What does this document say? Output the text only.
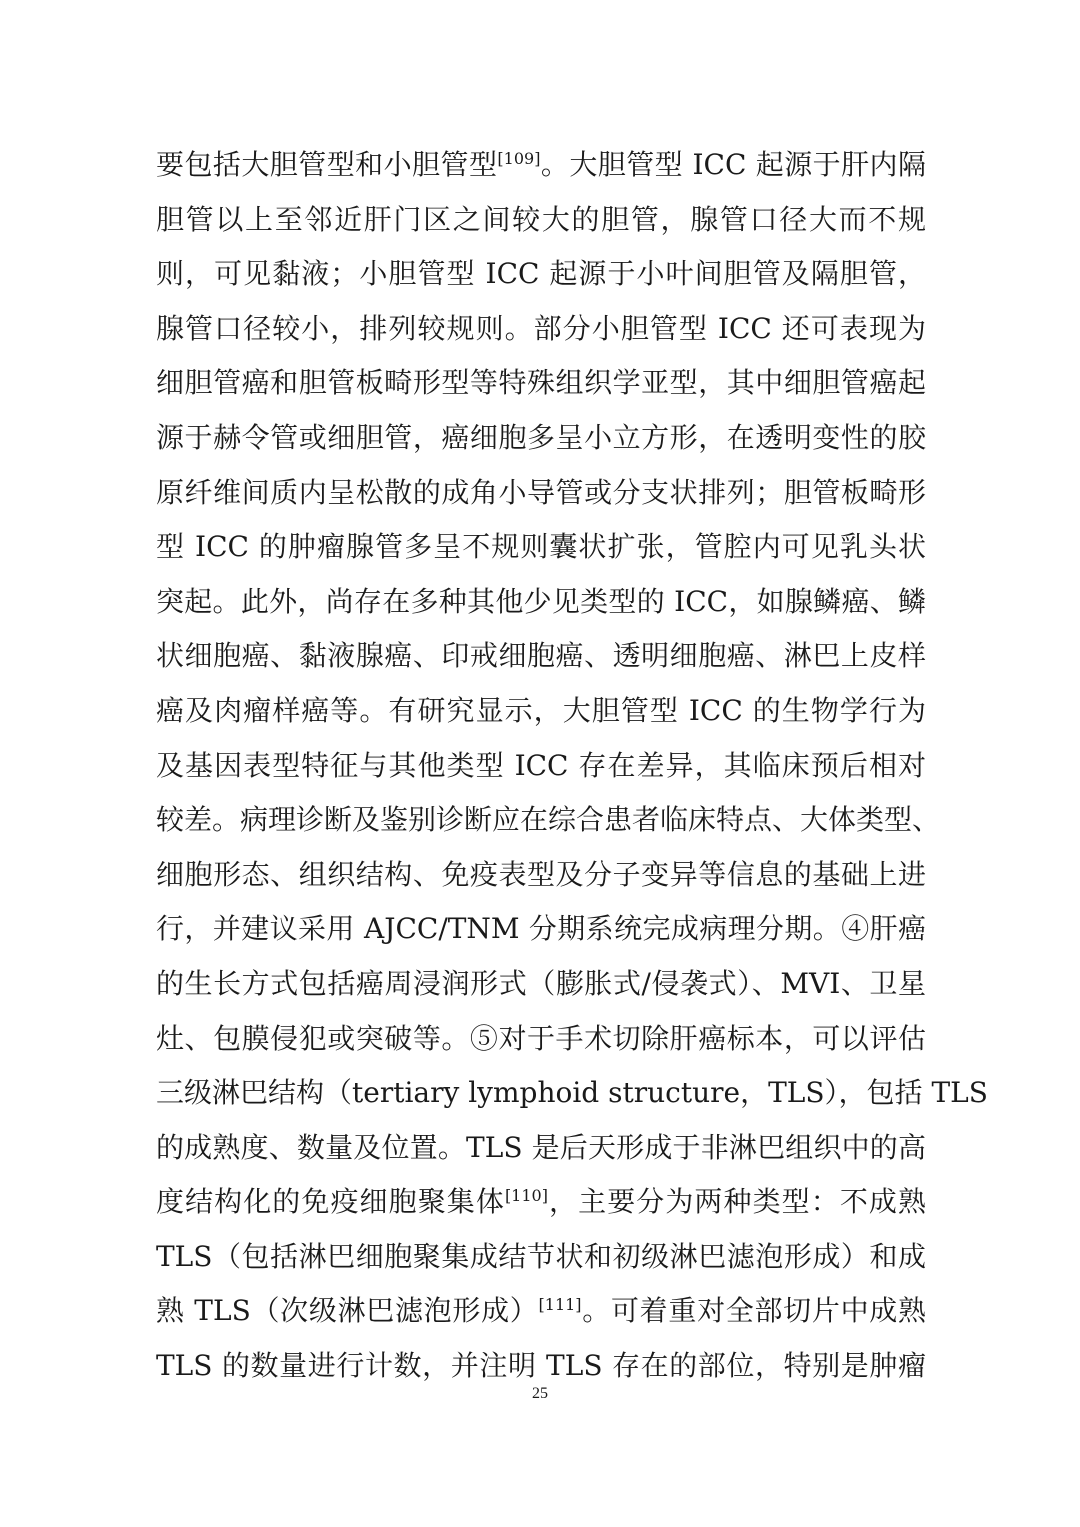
要包括大胆管型和小胆管型[109]。大胆管型 ICC 起源于肝内隔
胆管以上至邻近肝门区之间较大的胆管，腺管口径大而不规
则，可见黏液；小胆管型 ICC 起源于小叶间胆管及隔胆管，
腺管口径较小，排列较规则。部分小胆管型 ICC 还可表现为
细胆管癌和胆管板畸形型等特殊组织学亚型，其中细胆管癌起
源于赫令管或细胆管，癌细胞多呈小立方形，在透明变性的胶
原纤维间质内呈松散的成角小导管或分支状排列；胆管板畸形
型 ICC 的肿瘤腺管多呈不规则囊状扩张，管腔内可见乳头状
突起。此外，尚存在多种其他少见类型的 ICC，如腺鳞癌、鳞
状细胞癌、黏液腺癌、印戒细胞癌、透明细胞癌、淋巴上皮样
癌及肉瘤样癌等。有研究显示，大胆管型 ICC 的生物学行为
及基因表型特征与其他类型 ICC 存在差异，其临床预后相对
较差。病理诊断及鉴别诊断应在综合患者临床特点、大体类型、
细胞形态、组织结构、免疫表型及分子变异等信息的基础上进
行，并建议采用 AJCC/TNM 分期系统完成病理分期。④肝癌
的生长方式包括癌周浸润形式（膨胀式/侵袭式）、MVI、卫星
灶、包膜侵犯或突破等。⑤对于手术切除肝癌标本，可以评估
三级淋巴结构（tertiary lymphoid structure，TLS），包括 TLS
的成熟度、数量及位置。TLS 是后天形成于非淋巴组织中的高
度结构化的免疫细胞聚集体[110]，主要分为两种类型：不成熟
TLS（包括淋巴细胞聚集成结节状和初级淋巴滤泡形成）和成
熟 TLS（次级淋巴滤泡形成）[111]。可着重对全部切片中成熟
TLS 的数量进行计数，并注明 TLS 存在的部位，特别是肿瘤
25
